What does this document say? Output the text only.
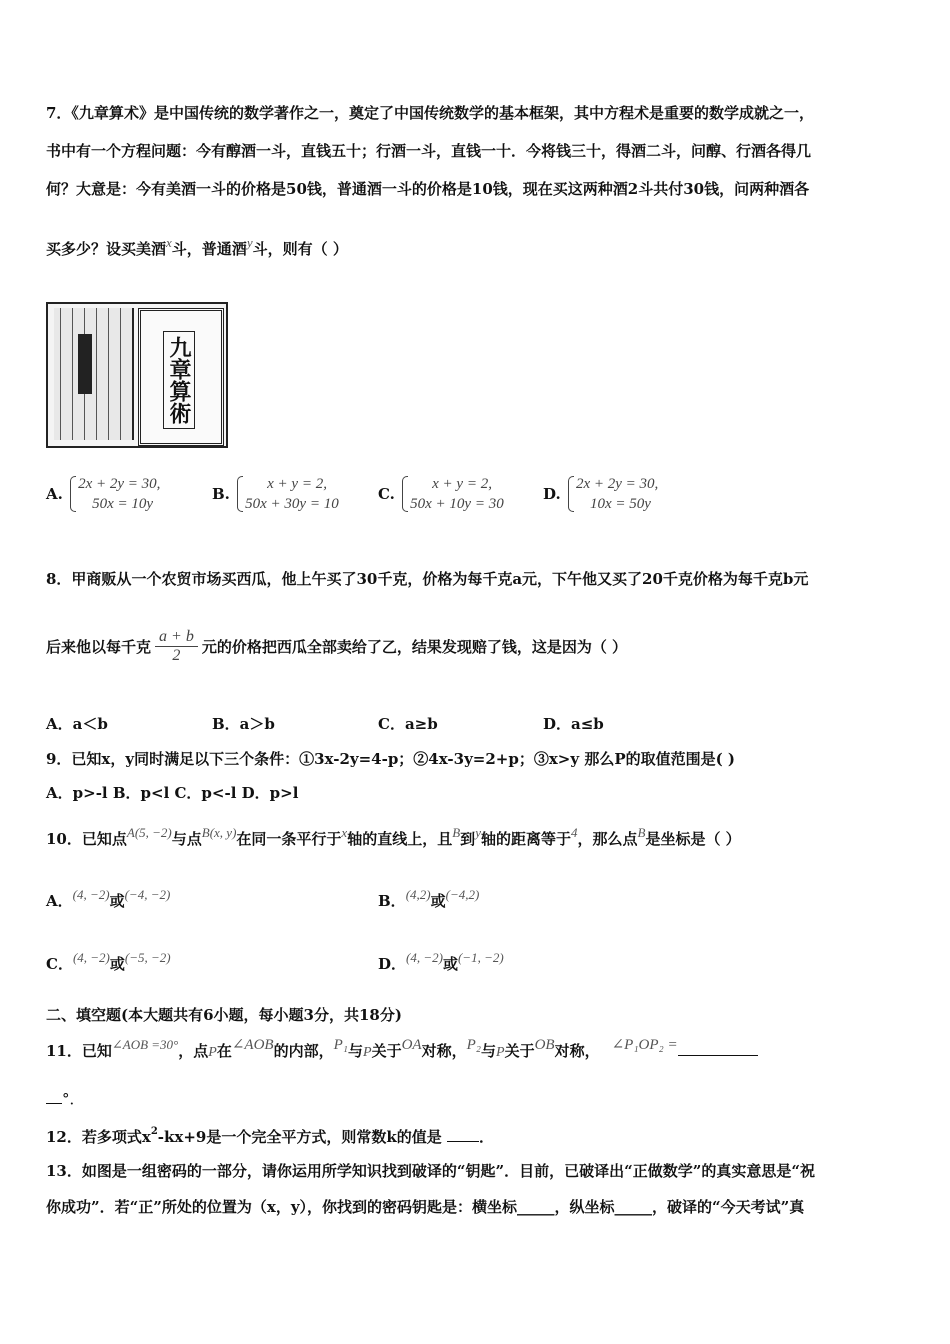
7．《九章算术》是中国传统的数学著作之一，奠定了中国传统数学的基本框架，其中方程术是重要的数学成就之一，
书中有一个方程问题：今有醇酒一斗，直钱五十；行酒一斗，直钱一十．今将钱三十，得酒二斗，问醇、行酒各得几
何？大意是：今有美酒一斗的价格是50钱，普通酒一斗的价格是10钱，现在买这两种酒2斗共付30钱，问两种酒各
买多少？设买美酒x斗，普通酒y斗，则有（ ）
九章算術
A.
2x + 2y = 30,
50x = 10y
B.
x + y = 2,
50x + 30y = 10
C.
x + y = 2,
50x + 10y = 30
D.
2x + 2y = 30,
10x = 50y
8．甲商贩从一个农贸市场买西瓜，他上午买了30千克，价格为每千克a元，下午他又买了20千克价格为每千克b元
后来他以每千克 $\frac{a + b}{2}$ 元的价格把西瓜全部卖给了乙，结果发现赔了钱，这是因为（ ）
A．a＜b	B．a＞b	C．a≥b	D．a≤b
9．已知x，y同时满足以下三个条件：①3x-2y=4-p；②4x-3y=2+p；③x>y 那么P的取值范围是( )
A．p>-l B．p<l C．p<-l D．p>l
10．已知点A(5, −2)与点B(x, y)在同一条平行于x轴的直线上，且B到y轴的距离等于4，那么点B是坐标是（ ）
A．(4, −2)或(−4, −2)	B．(4,2)或(−4,2)
C．(4, −2)或(−5, −2)	D．(4, −2)或(−1, −2)
二、填空题(本大题共有6小题，每小题3分，共18分)
11．已知∠AOB =30°，点P在∠AOB的内部，P₁与P关于OA对称，P₂与P关于OB对称， ∠P₁OP₂ =
°．
12．若多项式$x^2-kx+9$是一个完全平方式，则常数k的值是 ．
13．如图是一组密码的一部分，请你运用所学知识找到破译的“钥匙”．目前，已破译出“正做数学”的真实意思是“祝
你成功”．若“正”所处的位置为（x，y），你找到的密码钥匙是：横坐标_____，纵坐标_____，破译的“今天考试”真
